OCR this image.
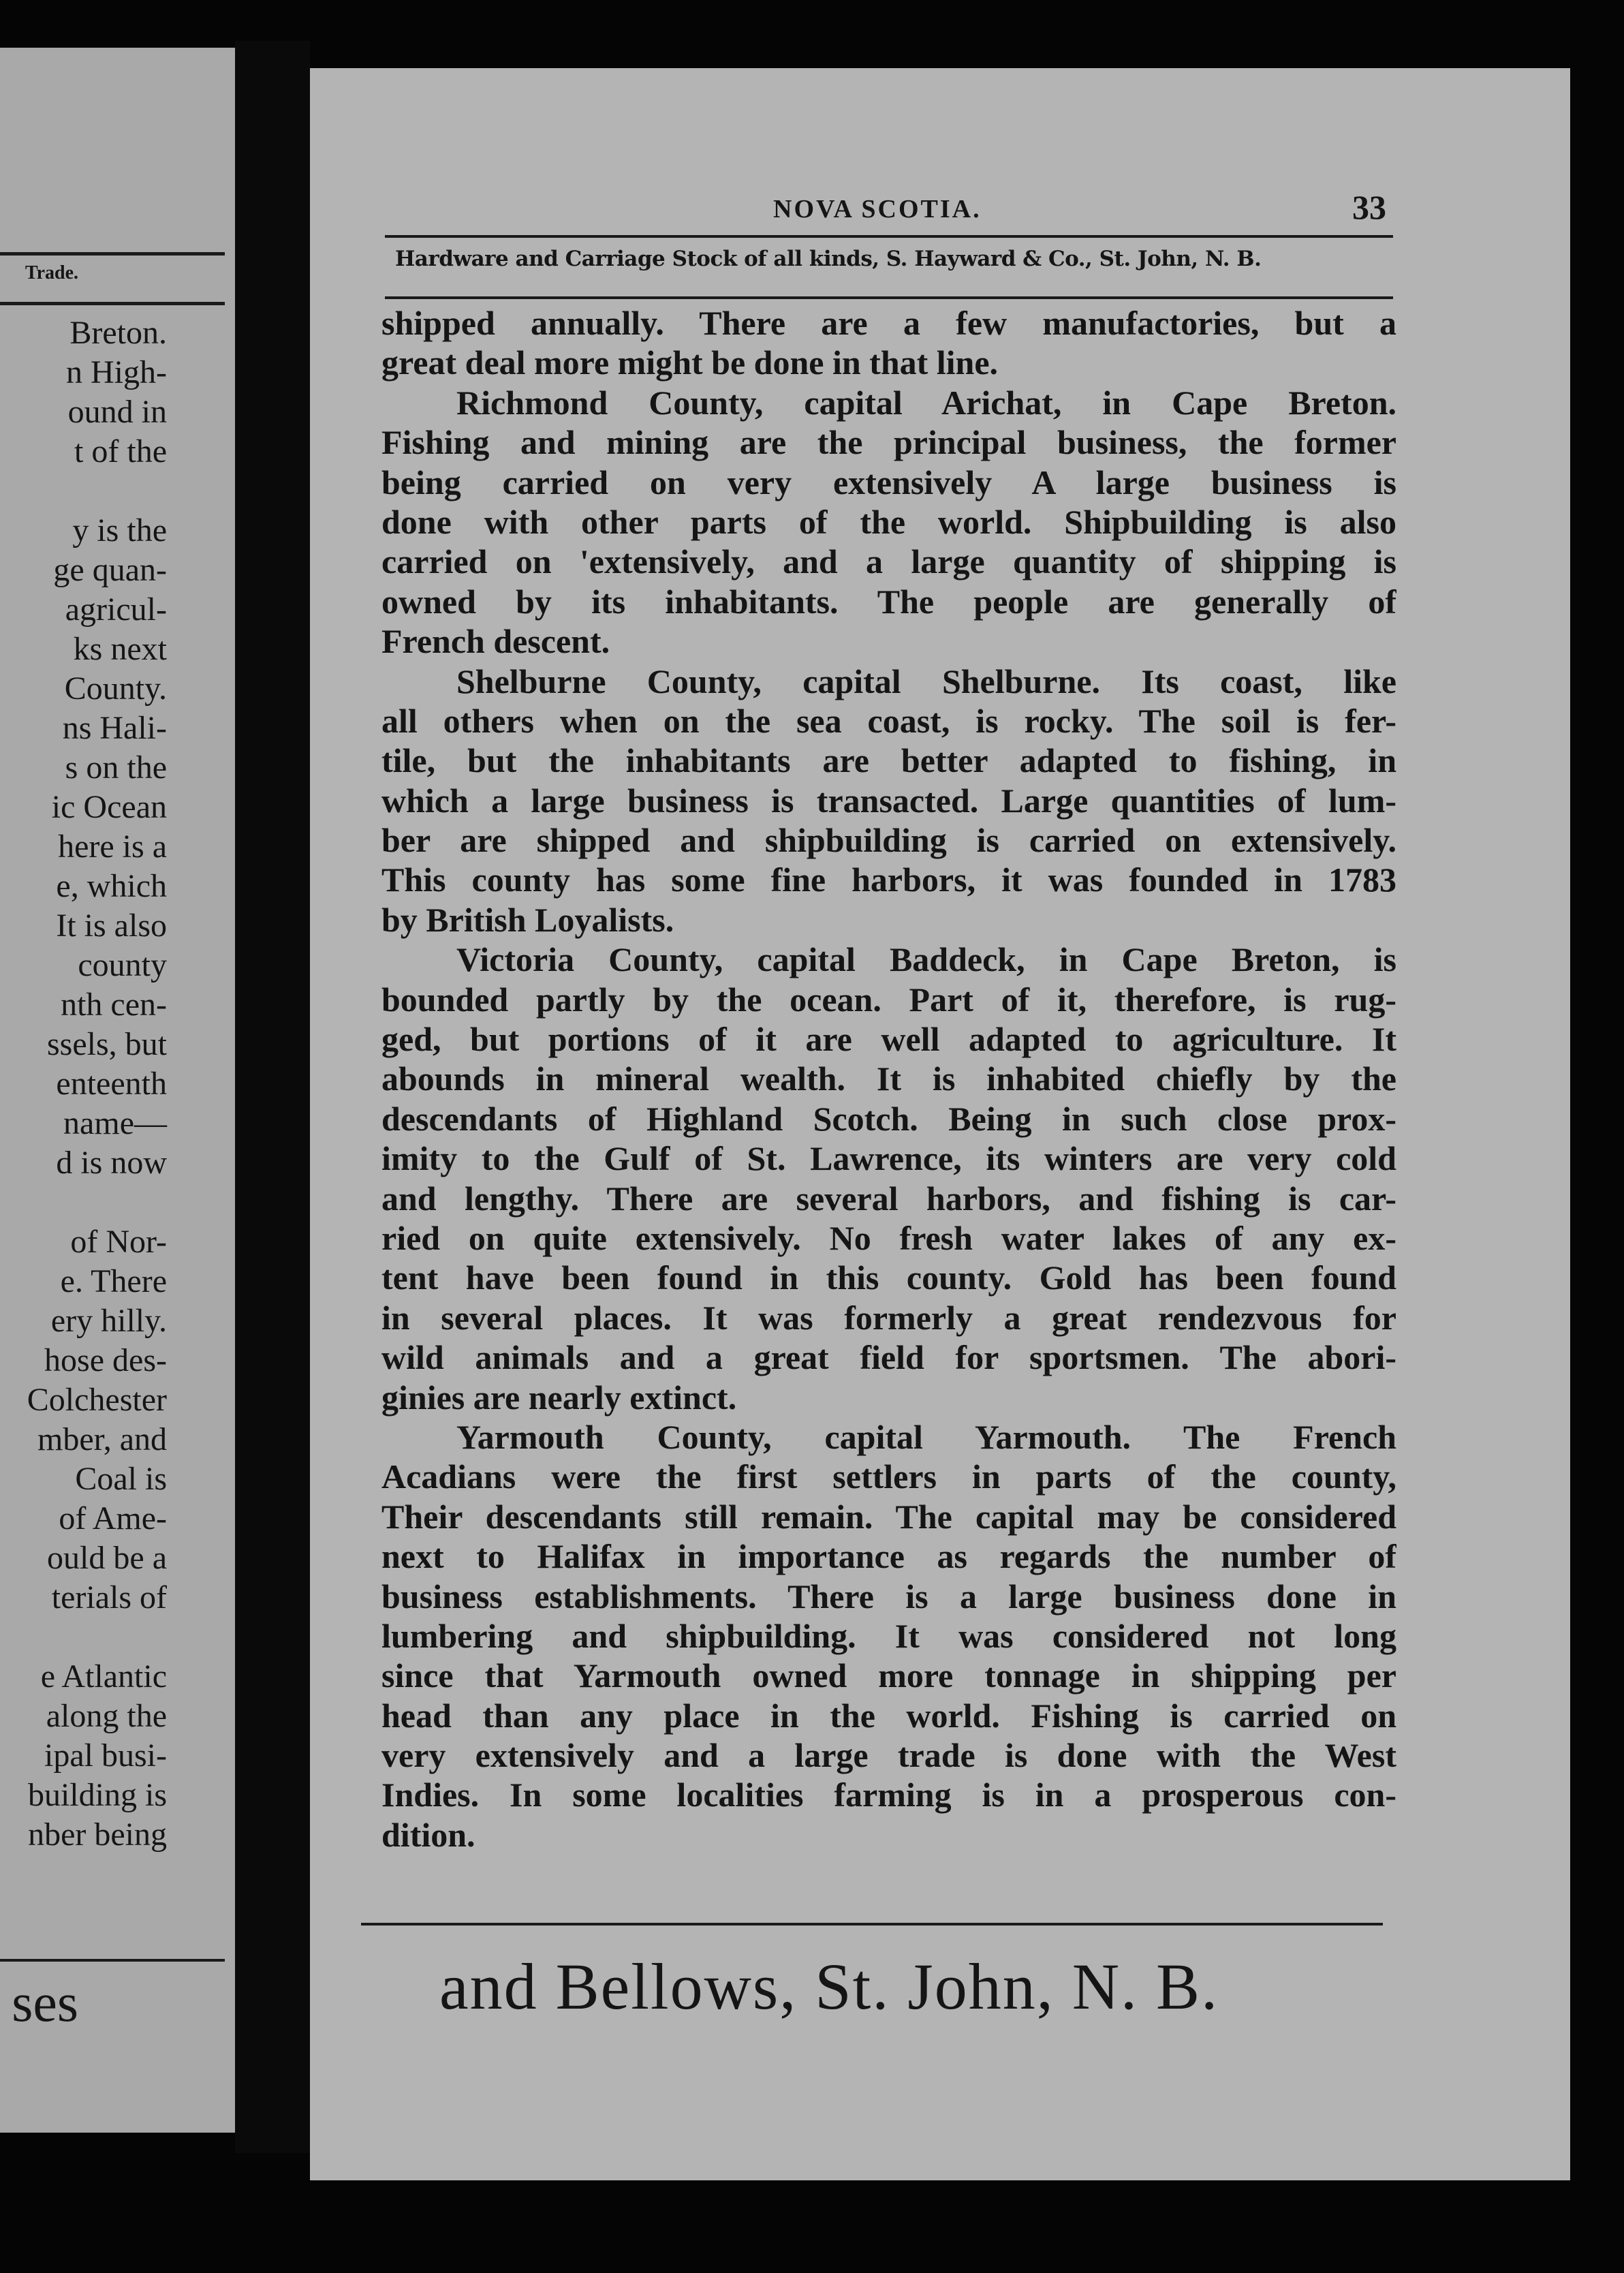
Trade.
Breton.
n High-
ound in
t of the
y is the
ge quan-
agricul-
ks next
County.
ns Hali-
s on the
ic Ocean
here is a
e, which
It is also
county
nth cen-
ssels, but
enteenth
name—
d is now
of Nor-
e. There
ery hilly.
hose des-
Colchester
mber, and
Coal is
of Ame-
ould be a
terials of
e Atlantic
along the
ipal busi-
building is
nber being
ses
NOVA SCOTIA.	33
Hardware and Carriage Stock of all kinds, S. Hayward & Co., St. John, N. B.
shipped annually. There are a few manufactories, but a
great deal more might be done in that line.
Richmond County, capital Arichat, in Cape Breton.
Fishing and mining are the principal business, the former
being carried on very extensively A large business is
done with other parts of the world. Shipbuilding is also
carried on 'extensively, and a large quantity of shipping is
owned by its inhabitants. The people are generally of
French descent.
Shelburne County, capital Shelburne. Its coast, like
all others when on the sea coast, is rocky. The soil is fer-
tile, but the inhabitants are better adapted to fishing, in
which a large business is transacted. Large quantities of lum-
ber are shipped and shipbuilding is carried on extensively.
This county has some fine harbors, it was founded in 1783
by British Loyalists.
Victoria County, capital Baddeck, in Cape Breton, is
bounded partly by the ocean. Part of it, therefore, is rug-
ged, but portions of it are well adapted to agriculture. It
abounds in mineral wealth. It is inhabited chiefly by the
descendants of Highland Scotch. Being in such close prox-
imity to the Gulf of St. Lawrence, its winters are very cold
and lengthy. There are several harbors, and fishing is car-
ried on quite extensively. No fresh water lakes of any ex-
tent have been found in this county. Gold has been found
in several places. It was formerly a great rendezvous for
wild animals and a great field for sportsmen. The abori-
ginies are nearly extinct.
Yarmouth County, capital Yarmouth. The French
Acadians were the first settlers in parts of the county,
Their descendants still remain. The capital may be considered
next to Halifax in importance as regards the number of
business establishments. There is a large business done in
lumbering and shipbuilding. It was considered not long
since that Yarmouth owned more tonnage in shipping per
head than any place in the world. Fishing is carried on
very extensively and a large trade is done with the West
Indies. In some localities farming is in a prosperous con-
dition.
and Bellows, St. John, N. B.
